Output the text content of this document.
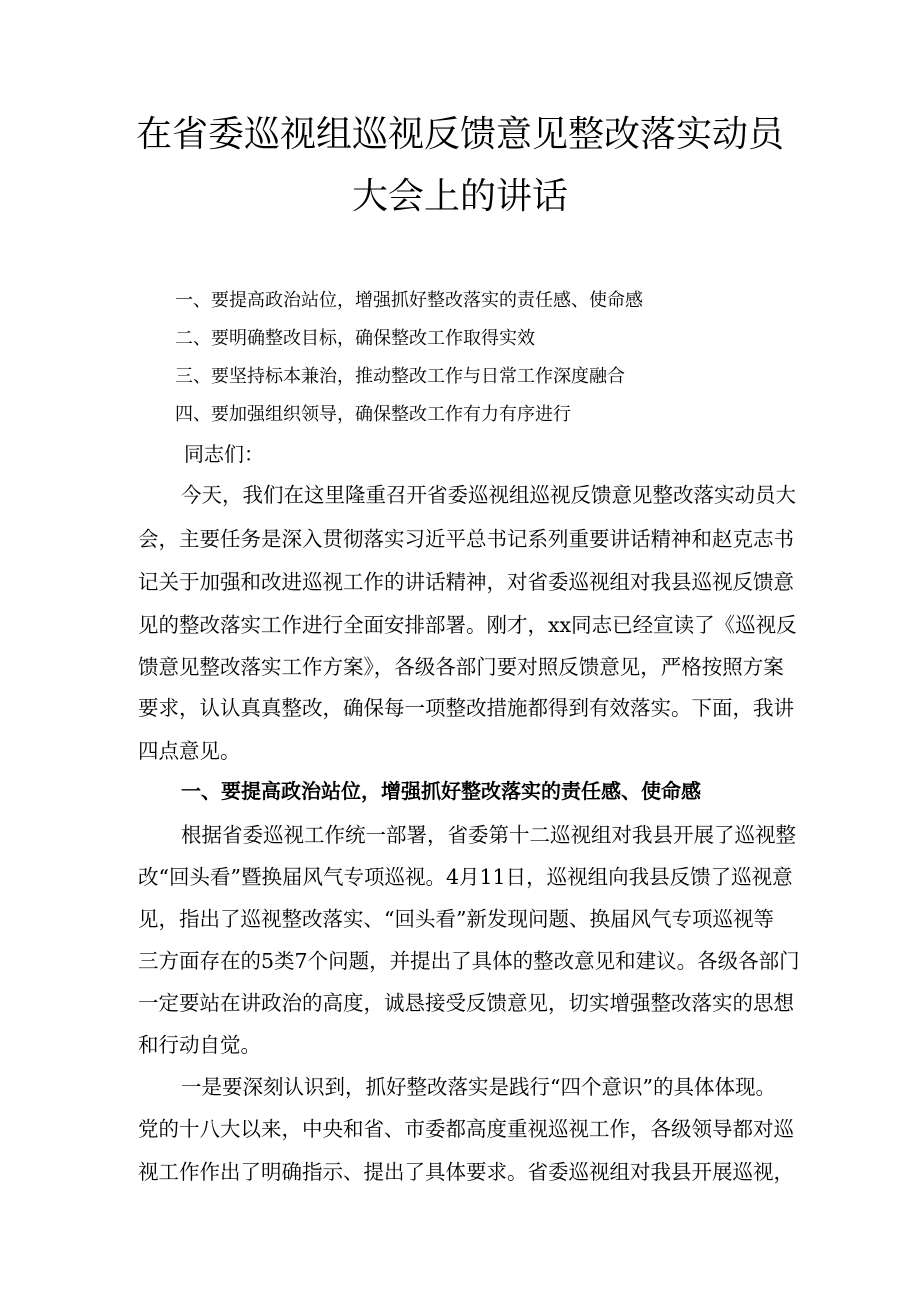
在省委巡视组巡视反馈意见整改落实动员
大会上的讲话
一、要提高政治站位，增强抓好整改落实的责任感、使命感
二、要明确整改目标，确保整改工作取得实效
三、要坚持标本兼治，推动整改工作与日常工作深度融合
四、要加强组织领导，确保整改工作有力有序进行
同志们：
今天，我们在这里隆重召开省委巡视组巡视反馈意见整改落实动员大
会，主要任务是深入贯彻落实习近平总书记系列重要讲话精神和赵克志书
记关于加强和改进巡视工作的讲话精神，对省委巡视组对我县巡视反馈意
见的整改落实工作进行全面安排部署。刚才，xx同志已经宣读了《巡视反
馈意见整改落实工作方案》，各级各部门要对照反馈意见，严格按照方案
要求，认认真真整改，确保每一项整改措施都得到有效落实。下面，我讲
四点意见。
一、要提高政治站位，增强抓好整改落实的责任感、使命感
根据省委巡视工作统一部署，省委第十二巡视组对我县开展了巡视整
改“回头看”暨换届风气专项巡视。4月11日，巡视组向我县反馈了巡视意
见，指出了巡视整改落实、“回头看”新发现问题、换届风气专项巡视等
三方面存在的5类7个问题，并提出了具体的整改意见和建议。各级各部门
一定要站在讲政治的高度，诚恳接受反馈意见，切实增强整改落实的思想
和行动自觉。
一是要深刻认识到，抓好整改落实是践行“四个意识”的具体体现。
党的十八大以来，中央和省、市委都高度重视巡视工作，各级领导都对巡
视工作作出了明确指示、提出了具体要求。省委巡视组对我县开展巡视，
